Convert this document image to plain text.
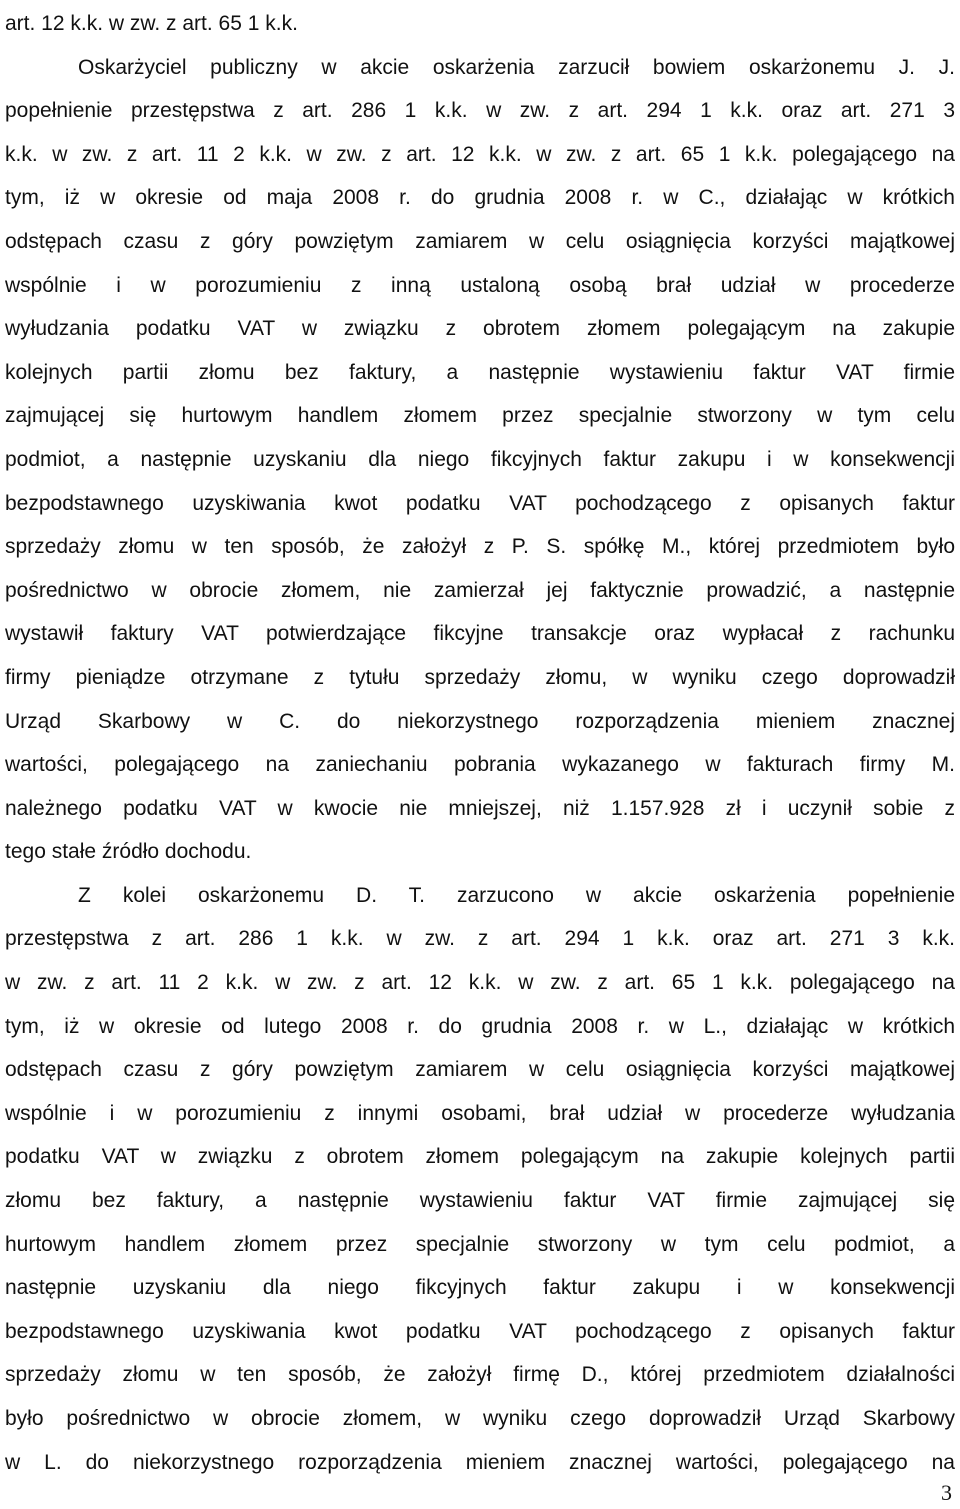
art. 12 k.k. w zw. z art. 65 1 k.k.
Oskarżyciel publiczny w akcie oskarżenia zarzucił bowiem oskarżonemu J. J.
popełnienie przestępstwa z art. 286 1 k.k. w zw. z art. 294 1 k.k. oraz art. 271 3
k.k. w zw. z art. 11 2 k.k. w zw. z art. 12 k.k. w zw. z art. 65 1 k.k. polegającego na
tym, iż w okresie od maja 2008 r. do grudnia 2008 r. w C., działając w krótkich
odstępach czasu z góry powziętym zamiarem w celu osiągnięcia korzyści majątkowej
wspólnie i w porozumieniu z inną ustaloną osobą brał udział w procederze
wyłudzania podatku VAT w związku z obrotem złomem polegającym na zakupie
kolejnych partii złomu bez faktury, a następnie wystawieniu faktur VAT firmie
zajmującej się hurtowym handlem złomem przez specjalnie stworzony w tym celu
podmiot, a następnie uzyskaniu dla niego fikcyjnych faktur zakupu i w konsekwencji
bezpodstawnego uzyskiwania kwot podatku VAT pochodzącego z opisanych faktur
sprzedaży złomu w ten sposób, że założył z P. S. spółkę M., której przedmiotem było
pośrednictwo w obrocie złomem, nie zamierzał jej faktycznie prowadzić, a następnie
wystawił faktury VAT potwierdzające fikcyjne transakcje oraz wypłacał z rachunku
firmy pieniądze otrzymane z tytułu sprzedaży złomu, w wyniku czego doprowadził
Urząd Skarbowy w C. do niekorzystnego rozporządzenia mieniem znacznej
wartości, polegającego na zaniechaniu pobrania wykazanego w fakturach firmy M.
należnego podatku VAT w kwocie nie mniejszej, niż 1.157.928 zł i uczynił sobie z
tego stałe źródło dochodu.
Z kolei oskarżonemu D. T. zarzucono w akcie oskarżenia popełnienie
przestępstwa z art. 286 1 k.k. w zw. z art. 294 1 k.k. oraz art. 271 3 k.k.
w zw. z art. 11 2 k.k. w zw. z art. 12 k.k. w zw. z art. 65 1 k.k. polegającego na
tym, iż w okresie od lutego 2008 r. do grudnia 2008 r. w L., działając w krótkich
odstępach czasu z góry powziętym zamiarem w celu osiągnięcia korzyści majątkowej
wspólnie i w porozumieniu z innymi osobami, brał udział w procederze wyłudzania
podatku VAT w związku z obrotem złomem polegającym na zakupie kolejnych partii
złomu bez faktury, a następnie wystawieniu faktur VAT firmie zajmującej się
hurtowym handlem złomem przez specjalnie stworzony w tym celu podmiot, a
następnie uzyskaniu dla niego fikcyjnych faktur zakupu i w konsekwencji
bezpodstawnego uzyskiwania kwot podatku VAT pochodzącego z opisanych faktur
sprzedaży złomu w ten sposób, że założył firmę D., której przedmiotem działalności
było pośrednictwo w obrocie złomem, w wyniku czego doprowadził Urząd Skarbowy
w L. do niekorzystnego rozporządzenia mieniem znacznej wartości, polegającego na
3
